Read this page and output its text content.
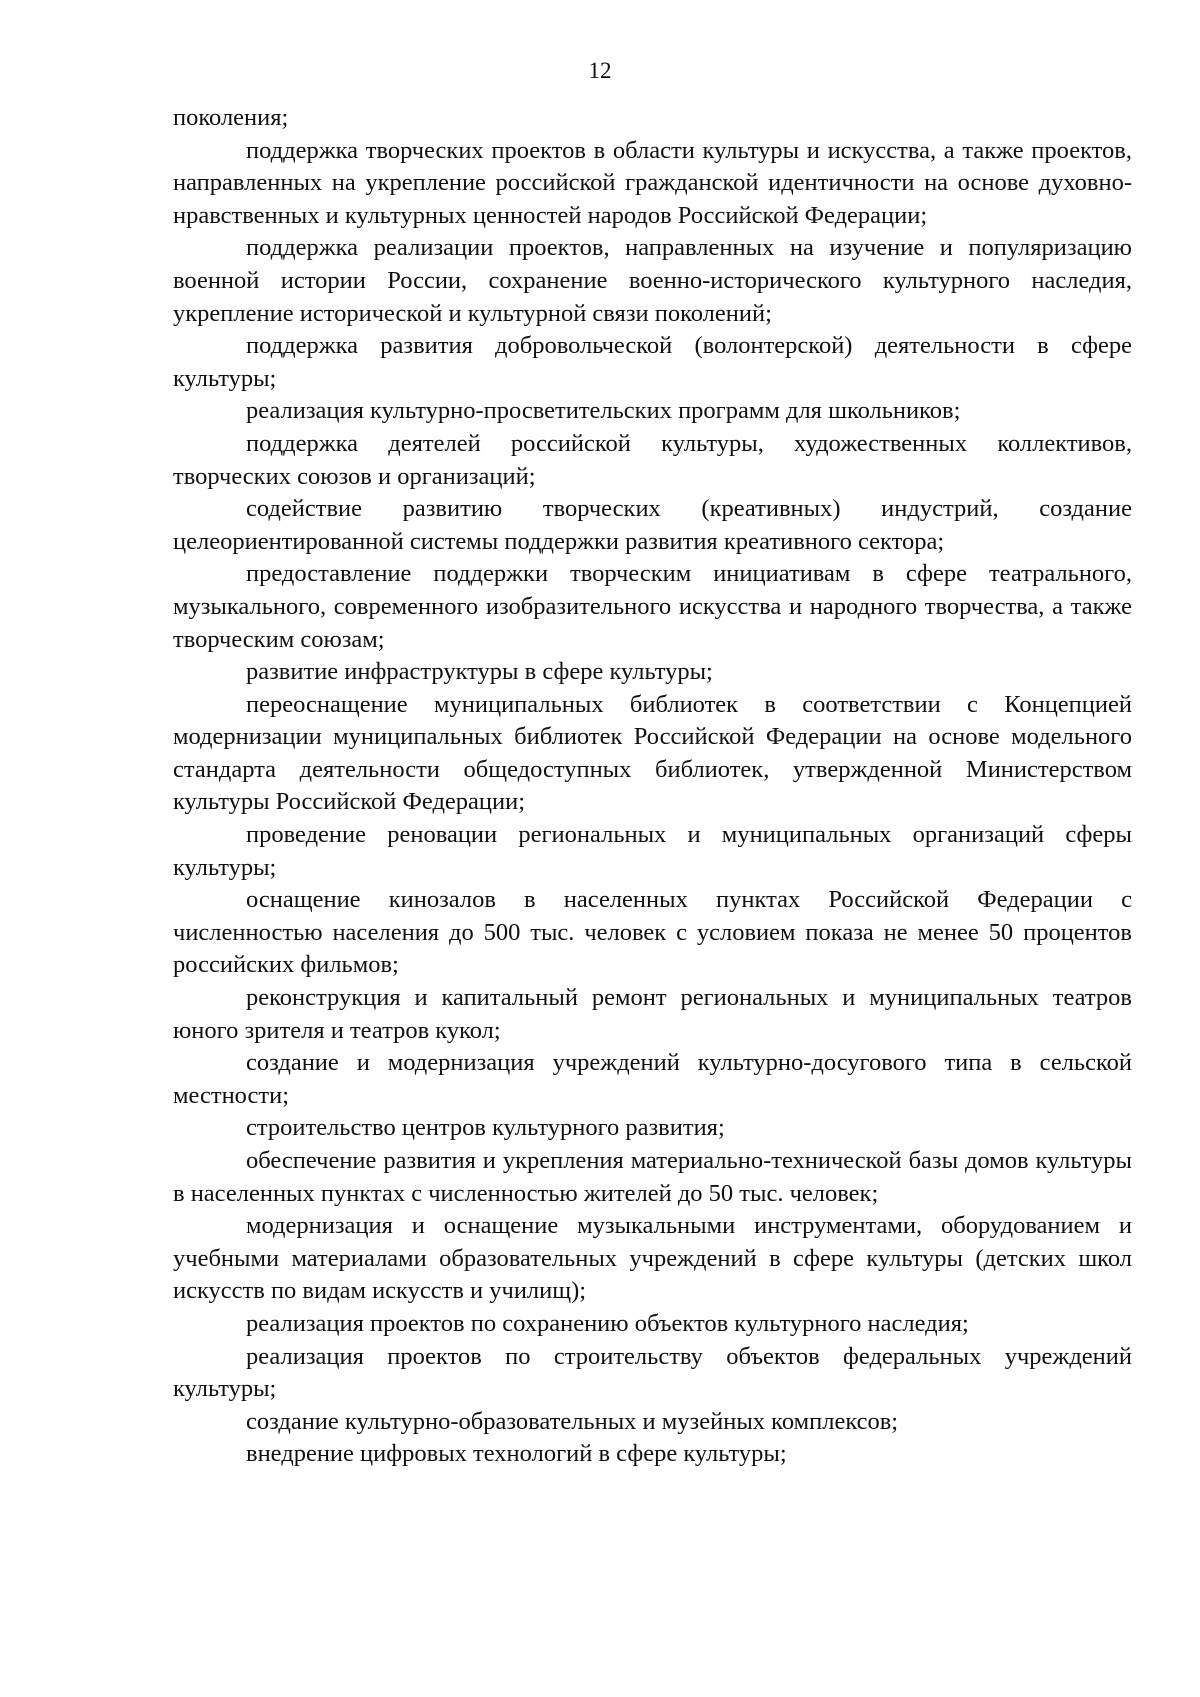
12

поколения;

поддержка творческих проектов в области культуры и искусства, а также проектов, направленных на укрепление российской гражданской идентичности на основе духовно-нравственных и культурных ценностей народов Российской Федерации;

поддержка реализации проектов, направленных на изучение и популяризацию военной истории России, сохранение военно-исторического культурного наследия, укрепление исторической и культурной связи поколений;

поддержка развития добровольческой (волонтерской) деятельности в сфере культуры;

реализация культурно-просветительских программ для школьников;

поддержка деятелей российской культуры, художественных коллективов, творческих союзов и организаций;

содействие развитию творческих (креативных) индустрий, создание целеориентированной системы поддержки развития креативного сектора;

предоставление поддержки творческим инициативам в сфере театрального, музыкального, современного изобразительного искусства и народного творчества, а также творческим союзам;

развитие инфраструктуры в сфере культуры;

переоснащение муниципальных библиотек в соответствии с Концепцией модернизации муниципальных библиотек Российской Федерации на основе модельного стандарта деятельности общедоступных библиотек, утвержденной Министерством культуры Российской Федерации;

проведение реновации региональных и муниципальных организаций сферы культуры;

оснащение кинозалов в населенных пунктах Российской Федерации с численностью населения до 500 тыс. человек с условием показа не менее 50 процентов российских фильмов;

реконструкция и капитальный ремонт региональных и муниципальных театров юного зрителя и театров кукол;

создание и модернизация учреждений культурно-досугового типа в сельской местности;

строительство центров культурного развития;

обеспечение развития и укрепления материально-технической базы домов культуры в населенных пунктах с численностью жителей до 50 тыс. человек;

модернизация и оснащение музыкальными инструментами, оборудованием и учебными материалами образовательных учреждений в сфере культуры (детских школ искусств по видам искусств и училищ);

реализация проектов по сохранению объектов культурного наследия;

реализация проектов по строительству объектов федеральных учреждений культуры;

создание культурно-образовательных и музейных комплексов;

внедрение цифровых технологий в сфере культуры;
